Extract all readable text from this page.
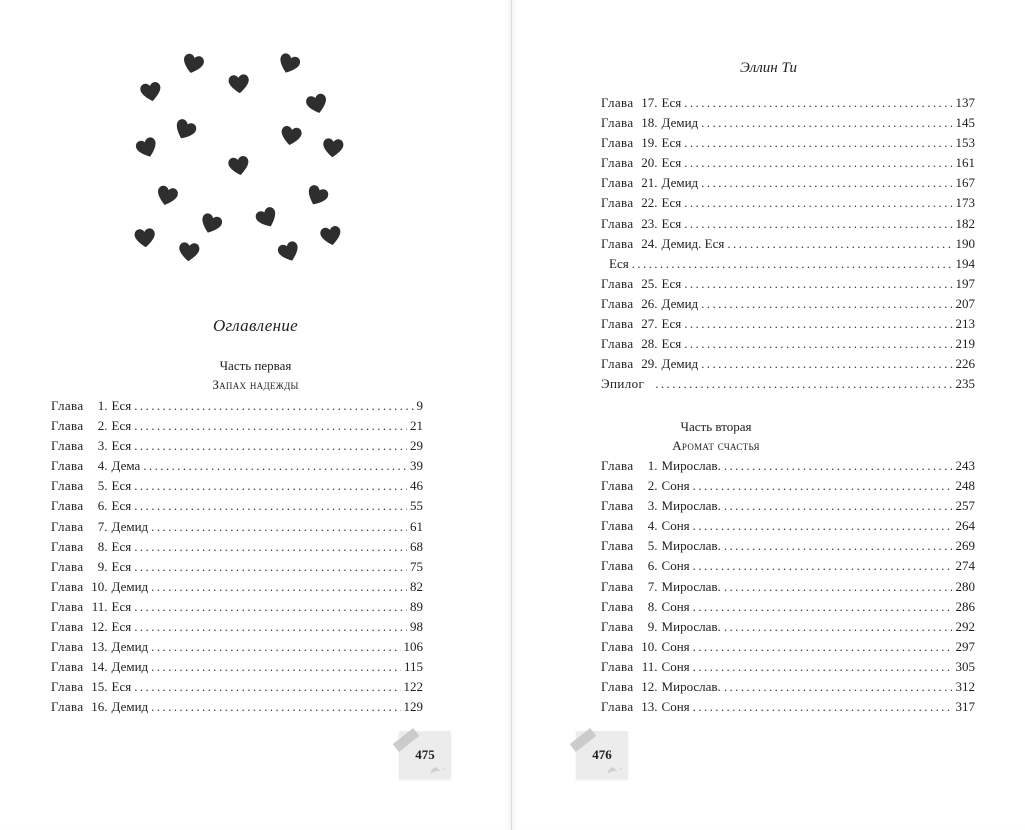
Оглавление
Часть первая
Запах надежды
475
Эллин Ти
Глава	1. Еся .....	9
Глава	2. Еся .....	21
Глава	3. Еся .....	29
Глава	4. Дема .....	39
Глава	5. Еся .....	46
Глава	6. Еся .....	55
Глава	7. Демид .....	61
Глава	8. Еся .....	68
Глава	9. Еся .....	75
Глава 10. Демид .....	82
Глава 11. Еся .....	89
Глава 12. Еся .....	98
Глава 13. Демид .....	106
Глава 14. Демид .....	115
Глава 15. Еся .....	122
Глава 16. Демид .....	129
Глава 17. Еся .....	137
Глава 18. Демид .....	145
Глава 19. Еся .....	153
Глава 20. Еся .....	161
Глава 21. Демид .....	167
Глава 22. Еся .....	173
Глава 23. Еся .....	182
Глава 24. Демид. Еся .....	190
Еся .....	194
Глава 25. Еся .....	197
Глава 26. Демид .....	207
Глава 27. Еся .....	213
Глава 28. Еся .....	219
Глава 29. Демид .....	226
Эпилог .....	235
Часть вторая
Аромат счастья
Глава	1. Мирослав. .....	243
Глава	2. Соня .....	248
Глава	3. Мирослав. .....	257
Глава	4. Соня .....	264
Глава	5. Мирослав. .....	269
Глава	6. Соня .....	274
Глава	7. Мирослав. .....	280
Глава	8. Соня .....	286
Глава	9. Мирослав. .....	292
Глава 10. Соня .....	297
Глава 11. Соня .....	305
Глава 12. Мирослав. .....	312
Глава 13. Соня .....	317
476
